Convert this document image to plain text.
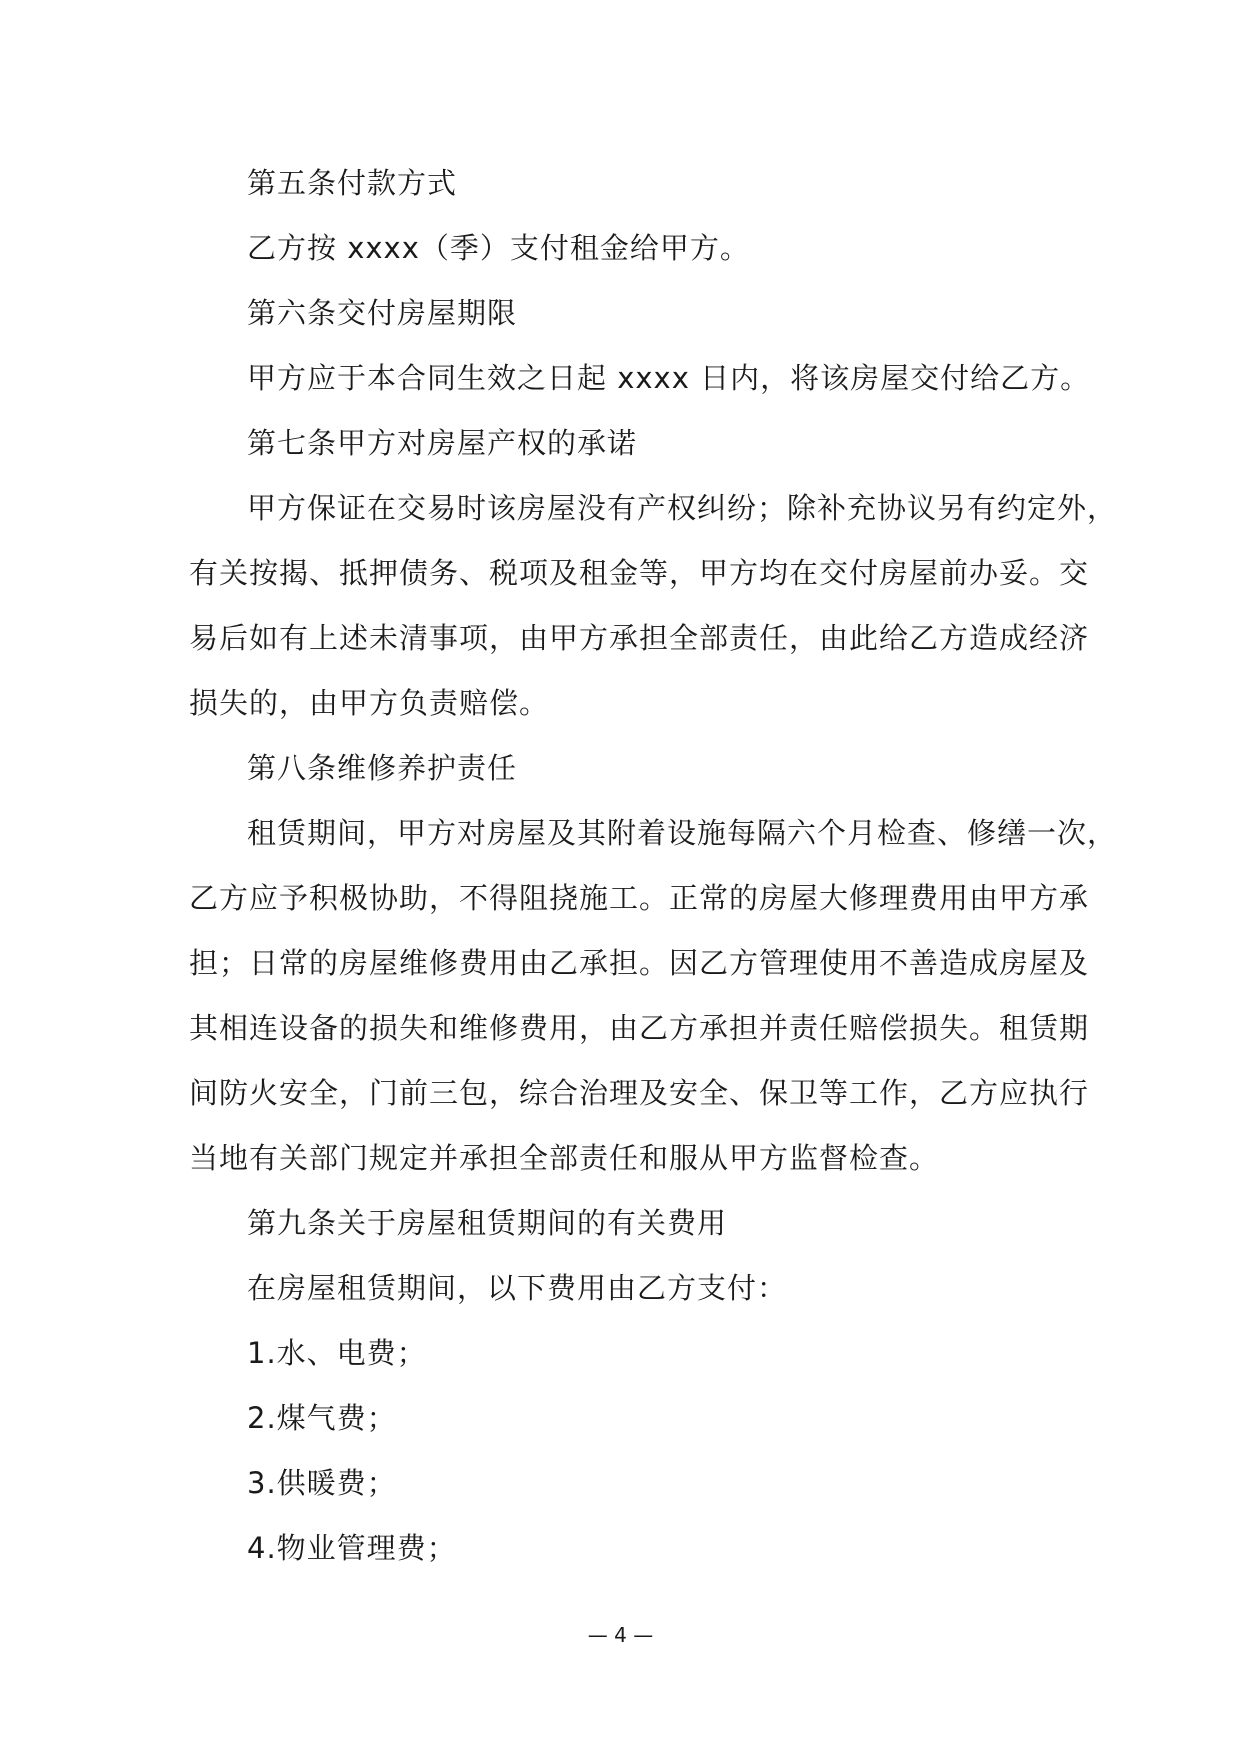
第五条付款方式
乙方按 xxxx（季）支付租金给甲方。
第六条交付房屋期限
甲方应于本合同生效之日起 xxxx 日内，将该房屋交付给乙方。
第七条甲方对房屋产权的承诺
甲方保证在交易时该房屋没有产权纠纷；除补充协议另有约定外，
有关按揭、抵押债务、税项及租金等，甲方均在交付房屋前办妥。交
易后如有上述未清事项，由甲方承担全部责任，由此给乙方造成经济
损失的，由甲方负责赔偿。
第八条维修养护责任
租赁期间，甲方对房屋及其附着设施每隔六个月检查、修缮一次，
乙方应予积极协助，不得阻挠施工。正常的房屋大修理费用由甲方承
担；日常的房屋维修费用由乙承担。因乙方管理使用不善造成房屋及
其相连设备的损失和维修费用，由乙方承担并责任赔偿损失。租赁期
间防火安全，门前三包，综合治理及安全、保卫等工作，乙方应执行
当地有关部门规定并承担全部责任和服从甲方监督检查。
第九条关于房屋租赁期间的有关费用
在房屋租赁期间，以下费用由乙方支付：
1.水、电费；
2.煤气费；
3.供暖费；
4.物业管理费；
— 4 —
